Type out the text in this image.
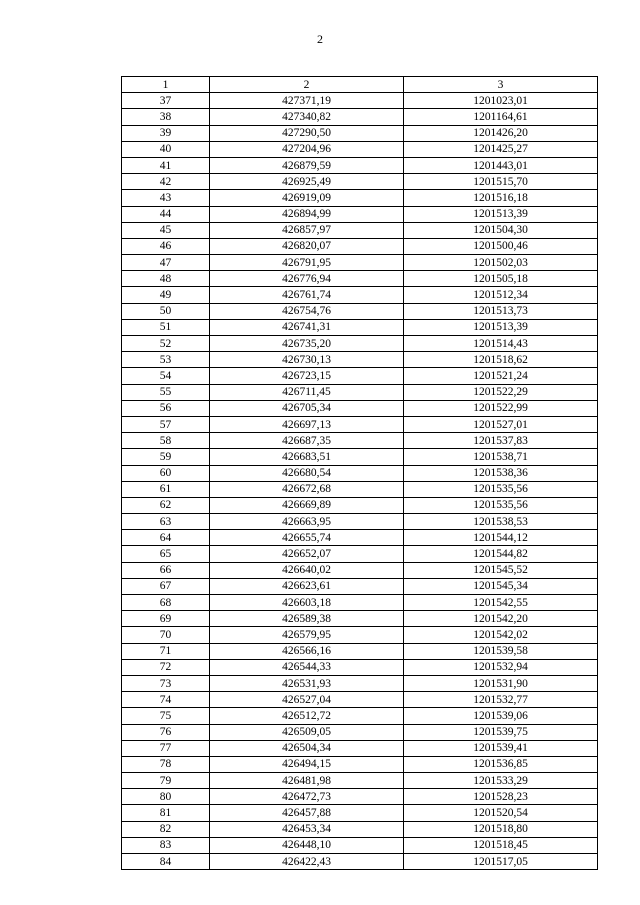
2
1	2	3
37	427371,19	1201023,01
38	427340,82	1201164,61
39	427290,50	1201426,20
40	427204,96	1201425,27
41	426879,59	1201443,01
42	426925,49	1201515,70
43	426919,09	1201516,18
44	426894,99	1201513,39
45	426857,97	1201504,30
46	426820,07	1201500,46
47	426791,95	1201502,03
48	426776,94	1201505,18
49	426761,74	1201512,34
50	426754,76	1201513,73
51	426741,31	1201513,39
52	426735,20	1201514,43
53	426730,13	1201518,62
54	426723,15	1201521,24
55	426711,45	1201522,29
56	426705,34	1201522,99
57	426697,13	1201527,01
58	426687,35	1201537,83
59	426683,51	1201538,71
60	426680,54	1201538,36
61	426672,68	1201535,56
62	426669,89	1201535,56
63	426663,95	1201538,53
64	426655,74	1201544,12
65	426652,07	1201544,82
66	426640,02	1201545,52
67	426623,61	1201545,34
68	426603,18	1201542,55
69	426589,38	1201542,20
70	426579,95	1201542,02
71	426566,16	1201539,58
72	426544,33	1201532,94
73	426531,93	1201531,90
74	426527,04	1201532,77
75	426512,72	1201539,06
76	426509,05	1201539,75
77	426504,34	1201539,41
78	426494,15	1201536,85
79	426481,98	1201533,29
80	426472,73	1201528,23
81	426457,88	1201520,54
82	426453,34	1201518,80
83	426448,10	1201518,45
84	426422,43	1201517,05
